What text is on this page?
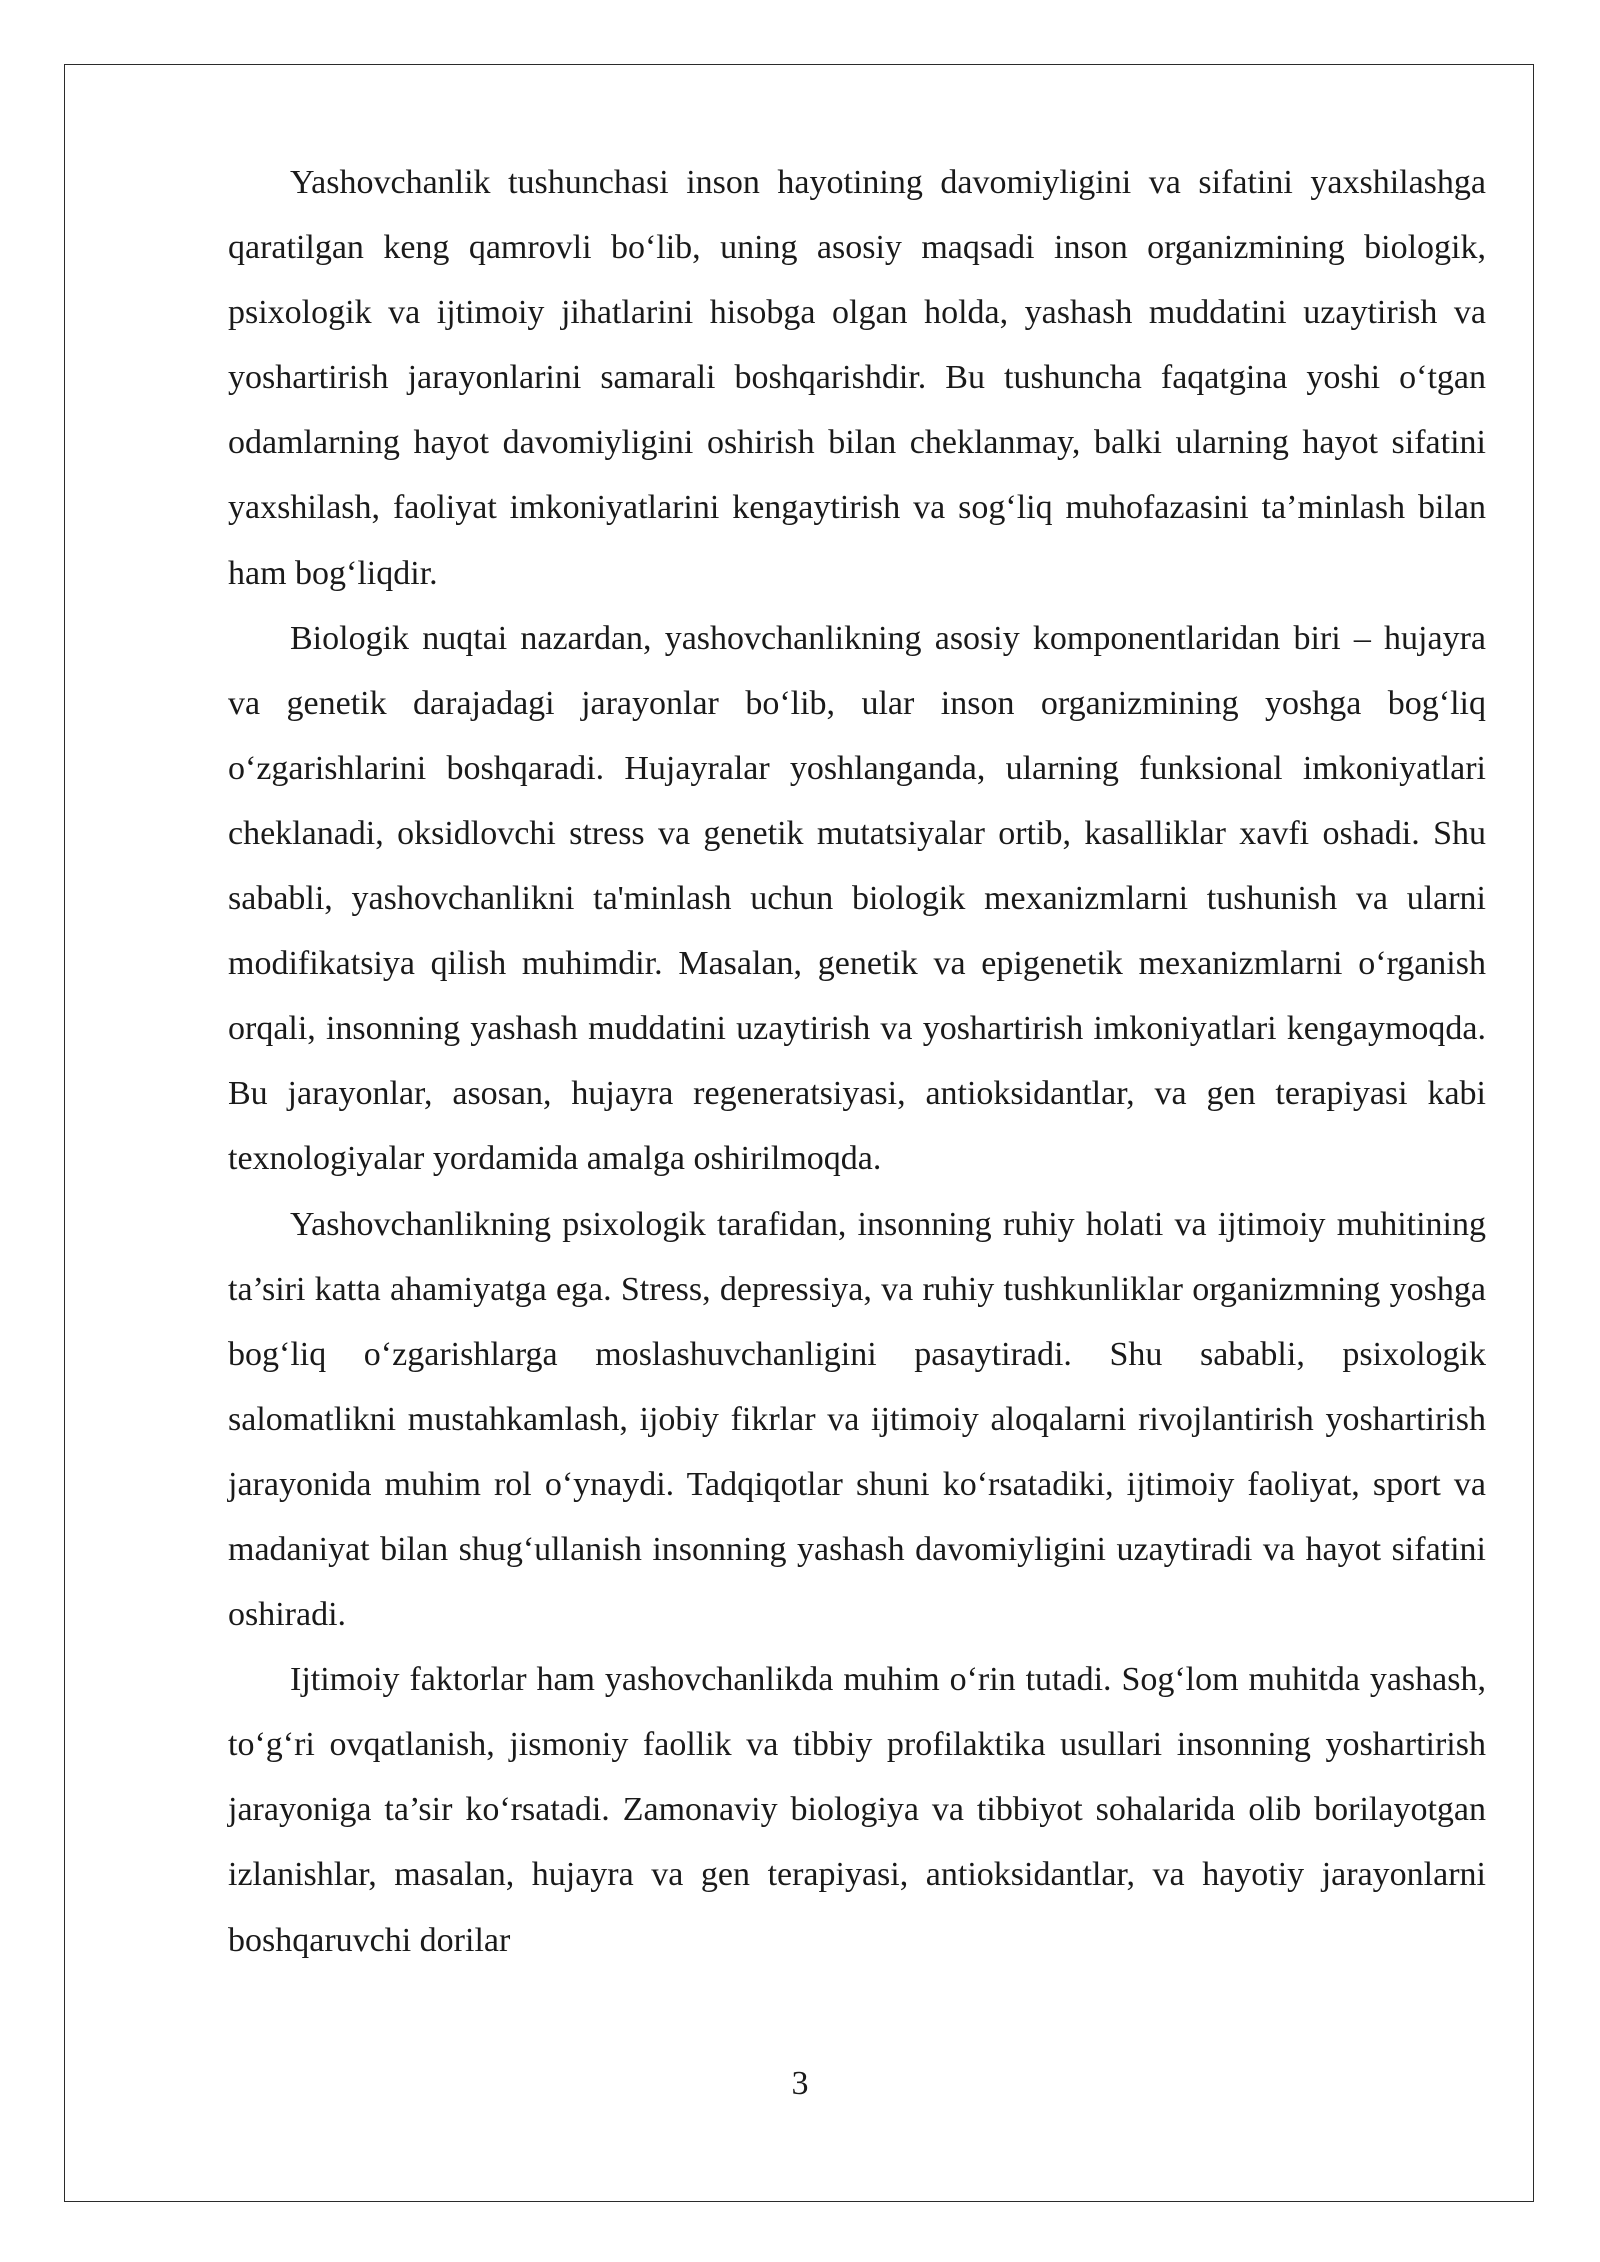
Yashovchanlik tushunchasi inson hayotining davomiyligini va sifatini yaxshilashga qaratilgan keng qamrovli bo‘lib, uning asosiy maqsadi inson organizmining biologik, psixologik va ijtimoiy jihatlarini hisobga olgan holda, yashash muddatini uzaytirish va yoshartirish jarayonlarini samarali boshqarishdir. Bu tushuncha faqatgina yoshi o‘tgan odamlarning hayot davomiyligini oshirish bilan cheklanmay, balki ularning hayot sifatini yaxshilash, faoliyat imkoniyatlarini kengaytirish va sog‘liq muhofazasini ta’minlash bilan ham bog‘liqdir.

Biologik nuqtai nazardan, yashovchanlikning asosiy komponentlaridan biri – hujayra va genetik darajadagi jarayonlar bo‘lib, ular inson organizmining yoshga bog‘liq o‘zgarishlarini boshqaradi. Hujayralar yoshlanganda, ularning funksional imkoniyatlari cheklanadi, oksidlovchi stress va genetik mutatsiyalar ortib, kasalliklar xavfi oshadi. Shu sababli, yashovchanlikni ta'minlash uchun biologik mexanizmlarni tushunish va ularni modifikatsiya qilish muhimdir. Masalan, genetik va epigenetik mexanizmlarni o‘rganish orqali, insonning yashash muddatini uzaytirish va yoshartirish imkoniyatlari kengaymoqda. Bu jarayonlar, asosan, hujayra regeneratsiyasi, antioksidantlar, va gen terapiyasi kabi texnologiyalar yordamida amalga oshirilmoqda.

Yashovchanlikning psixologik tarafidan, insonning ruhiy holati va ijtimoiy muhitining ta’siri katta ahamiyatga ega. Stress, depressiya, va ruhiy tushkunliklar organizmning yoshga bog‘liq o‘zgarishlarga moslashuvchanligini pasaytiradi. Shu sababli, psixologik salomatlikni mustahkamlash, ijobiy fikrlar va ijtimoiy aloqalarni rivojlantirish yoshartirish jarayonida muhim rol o‘ynaydi. Tadqiqotlar shuni ko‘rsatadiki, ijtimoiy faoliyat, sport va madaniyat bilan shug‘ullanish insonning yashash davomiyligini uzaytiradi va hayot sifatini oshiradi.

Ijtimoiy faktorlar ham yashovchanlikda muhim o‘rin tutadi. Sog‘lom muhitda yashash, to‘g‘ri ovqatlanish, jismoniy faollik va tibbiy profilaktika usullari insonning yoshartirish jarayoniga ta’sir ko‘rsatadi. Zamonaviy biologiya va tibbiyot sohalarida olib borilayotgan izlanishlar, masalan, hujayra va gen terapiyasi, antioksidantlar, va hayotiy jarayonlarni boshqaruvchi dorilar

3
